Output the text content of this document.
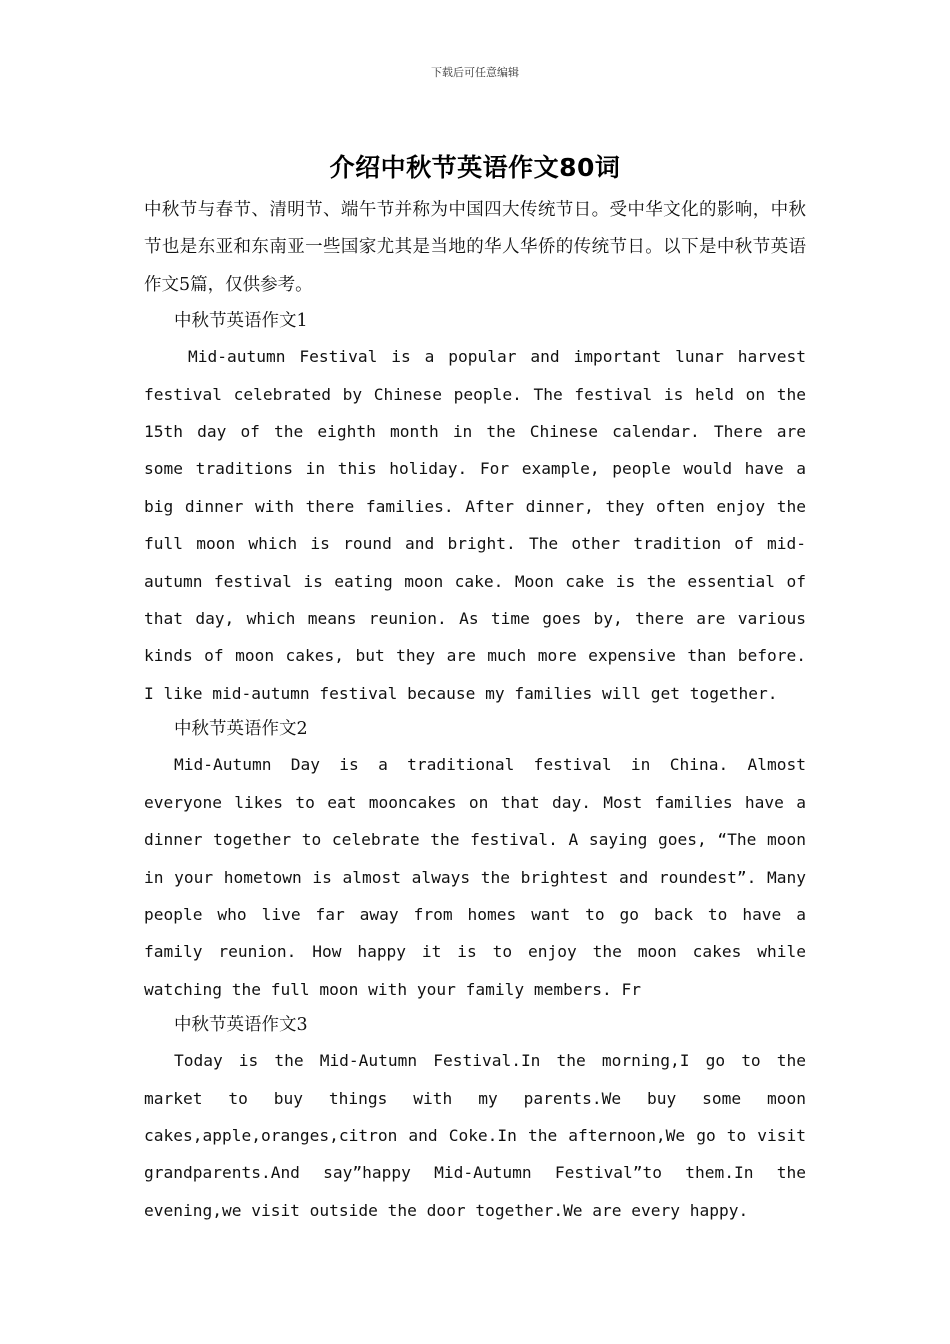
下载后可任意编辑
介绍中秋节英语作文80词

中秋节与春节、清明节、端午节并称为中国四大传统节日。受中华文化的影响，中秋节也是东亚和东南亚一些国家尤其是当地的华人华侨的传统节日。以下是中秋节英语作文5篇，仅供参考。

中秋节英语作文1

Mid-autumn Festival is a popular and important lunar harvest festival celebrated by Chinese people. The festival is held on the 15th day of the eighth month in the Chinese calendar. There are some traditions in this holiday. For example, people would have a big dinner with there families. After dinner, they often enjoy the full moon which is round and bright. The other tradition of mid-autumn festival is eating moon cake. Moon cake is the essential of that day, which means reunion. As time goes by, there are various kinds of moon cakes, but they are much more expensive than before. I like mid-autumn festival because my families will get together.

中秋节英语作文2

Mid-Autumn Day is a traditional festival in China. Almost everyone likes to eat mooncakes on that day. Most families have a dinner together to celebrate the festival. A saying goes, “The moon in your hometown is almost always the brightest and roundest”. Many people who live far away from homes want to go back to have a family reunion. How happy it is to enjoy the moon cakes while watching the full moon with your family members. Fr

中秋节英语作文3

Today is the Mid-Autumn Festival.In the morning,I go to the market to buy things with my parents.We buy some moon cakes,apple,oranges,citron and Coke.In the afternoon,We go to visit grandparents.And say”happy Mid-Autumn Festival”to them.In the evening,we visit outside the door together.We are every happy.
